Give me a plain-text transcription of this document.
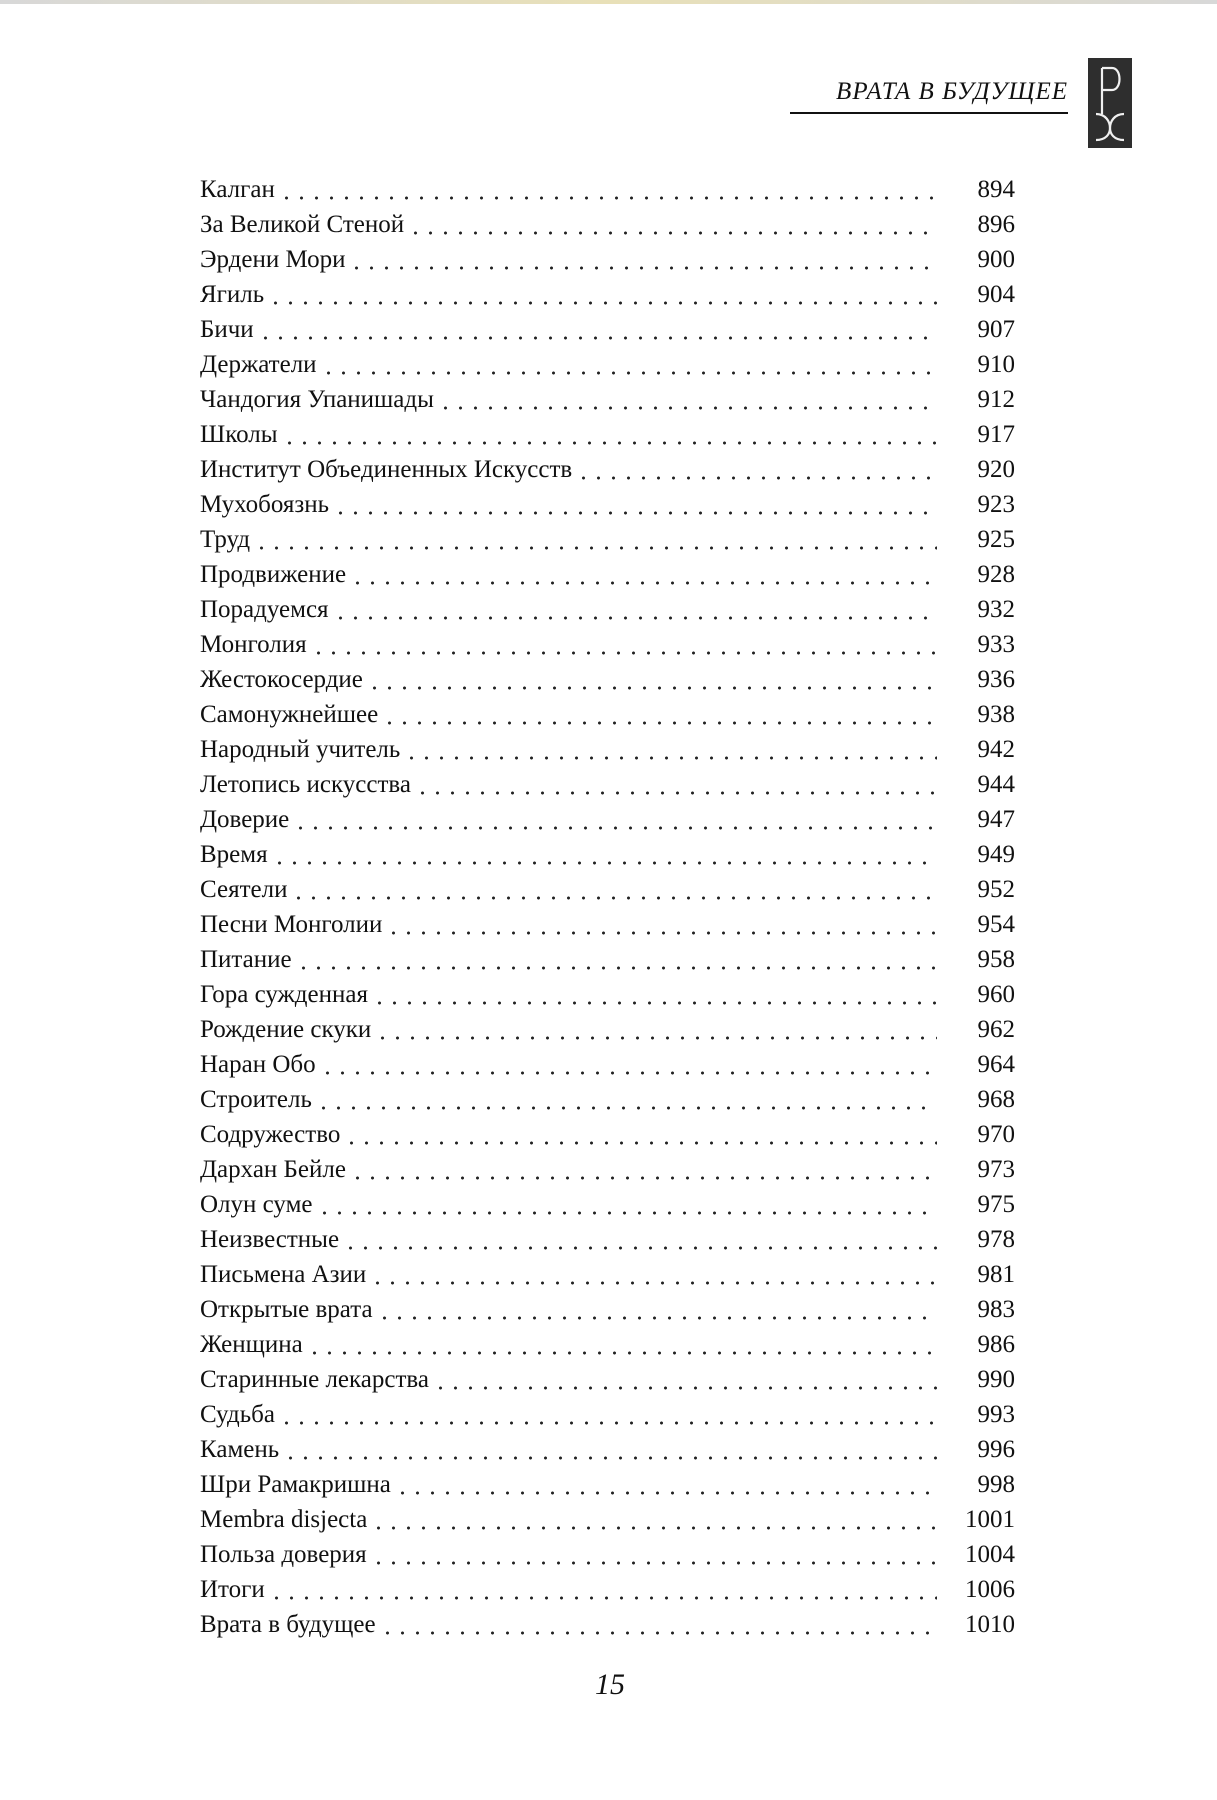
ВРАТА В БУДУЩЕЕ
Калган	894
За Великой Стеной	896
Эрдени Мори	900
Ягиль	904
Бичи	907
Держатели	910
Чандогия Упанишады	912
Школы	917
Институт Объединенных Искусств	920
Мухобоязнь	923
Труд	925
Продвижение	928
Порадуемся	932
Монголия	933
Жестокосердие	936
Самонужнейшее	938
Народный учитель	942
Летопись искусства	944
Доверие	947
Время	949
Сеятели	952
Песни Монголии	954
Питание	958
Гора сужденная	960
Рождение скуки	962
Наран Обо	964
Строитель	968
Содружество	970
Дархан Бейле	973
Олун суме	975
Неизвестные	978
Письмена Азии	981
Открытые врата	983
Женщина	986
Старинные лекарства	990
Судьба	993
Камень	996
Шри Рамакришна	998
Membra disjecta	1001
Польза доверия	1004
Итоги	1006
Врата в будущее	1010
15
